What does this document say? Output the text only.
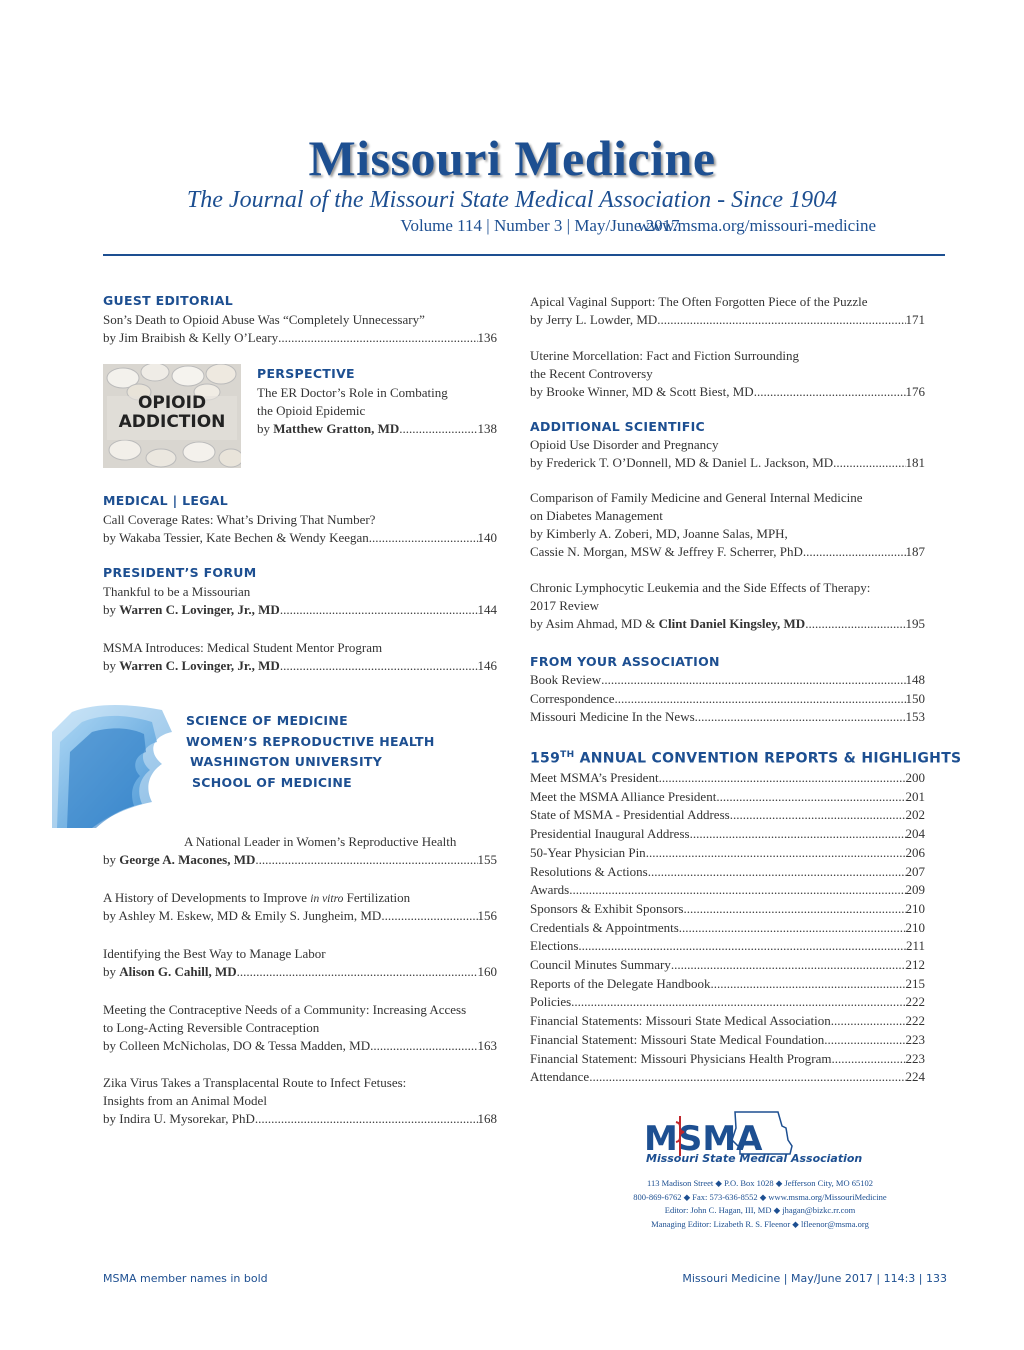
Missouri Medicine
The Journal of the Missouri State Medical Association - Since 1904
Volume 114 | Number 3 | May/June 2017
www.msma.org/missouri-medicine
GUEST EDITORIAL
Son’s Death to Opioid Abuse Was “Completely Unnecessary”
by Jim Braibish & Kelly O’Leary .....	136
OPIOID ADDICTION
PERSPECTIVE
The ER Doctor’s Role in Combating
the Opioid Epidemic
by Matthew Gratton, MD .....	138
MEDICAL | LEGAL
Call Coverage Rates: What’s Driving That Number?
by Wakaba Tessier, Kate Bechen & Wendy Keegan .....	140
PRESIDENT’S FORUM
Thankful to be a Missourian
by Warren C. Lovinger, Jr., MD .....	144
MSMA Introduces: Medical Student Mentor Program
by Warren C. Lovinger, Jr., MD .....	146
SCIENCE OF MEDICINE
WOMEN’S REPRODUCTIVE HEALTH
WASHINGTON UNIVERSITY
SCHOOL OF MEDICINE
A National Leader in Women’s Reproductive Health
by George A. Macones, MD .....	155
A History of Developments to Improve in vitro Fertilization
by Ashley M. Eskew, MD & Emily S. Jungheim, MD .....	156
Identifying the Best Way to Manage Labor
by Alison G. Cahill, MD .....	160
Meeting the Contraceptive Needs of a Community: Increasing Access
to Long-Acting Reversible Contraception
by Colleen McNicholas, DO & Tessa Madden, MD .....	163
Zika Virus Takes a Transplacental Route to Infect Fetuses:
Insights from an Animal Model
by Indira U. Mysorekar, PhD .....	168
Apical Vaginal Support: The Often Forgotten Piece of the Puzzle
by Jerry L. Lowder, MD .....	171
Uterine Morcellation: Fact and Fiction Surrounding
the Recent Controversy
by Brooke Winner, MD & Scott Biest, MD .....	176
ADDITIONAL SCIENTIFIC
Opioid Use Disorder and Pregnancy
by Frederick T. O’Donnell, MD & Daniel L. Jackson, MD .....	181
Comparison of Family Medicine and General Internal Medicine
on Diabetes Management
by Kimberly A. Zoberi, MD, Joanne Salas, MPH,
Cassie N. Morgan, MSW & Jeffrey F. Scherrer, PhD .....	187
Chronic Lymphocytic Leukemia and the Side Effects of Therapy:
2017 Review
by Asim Ahmad, MD & Clint Daniel Kingsley, MD .....	195
FROM YOUR ASSOCIATION
Book Review .....	148
Correspondence .....	150
Missouri Medicine In the News .....	153
159TH ANNUAL CONVENTION REPORTS & HIGHLIGHTS
Meet MSMA’s President .....	200
Meet the MSMA Alliance President .....	201
State of MSMA - Presidential Address .....	202
Presidential Inaugural Address .....	204
50-Year Physician Pin .....	206
Resolutions & Actions .....	207
Awards .....	209
Sponsors & Exhibit Sponsors .....	210
Credentials & Appointments .....	210
Elections .....	211
Council Minutes Summary .....	212
Reports of the Delegate Handbook .....	215
Policies .....	222
Financial Statements: Missouri State Medical Association .....	222
Financial Statement: Missouri State Medical Foundation .....	223
Financial Statement: Missouri Physicians Health Program .....	223
Attendance .....	224
MSMA
Missouri State Medical Association
113 Madison Street ◆ P.O. Box 1028 ◆ Jefferson City, MO 65102
800-869-6762 ◆ Fax: 573-636-8552 ◆ www.msma.org/MissouriMedicine
Editor: John C. Hagan, III, MD ◆ jhagan@bizkc.rr.com
Managing Editor: Lizabeth R. S. Fleenor ◆ lfleenor@msma.org
MSMA member names in bold	Missouri Medicine | May/June 2017 | 114:3 | 133
